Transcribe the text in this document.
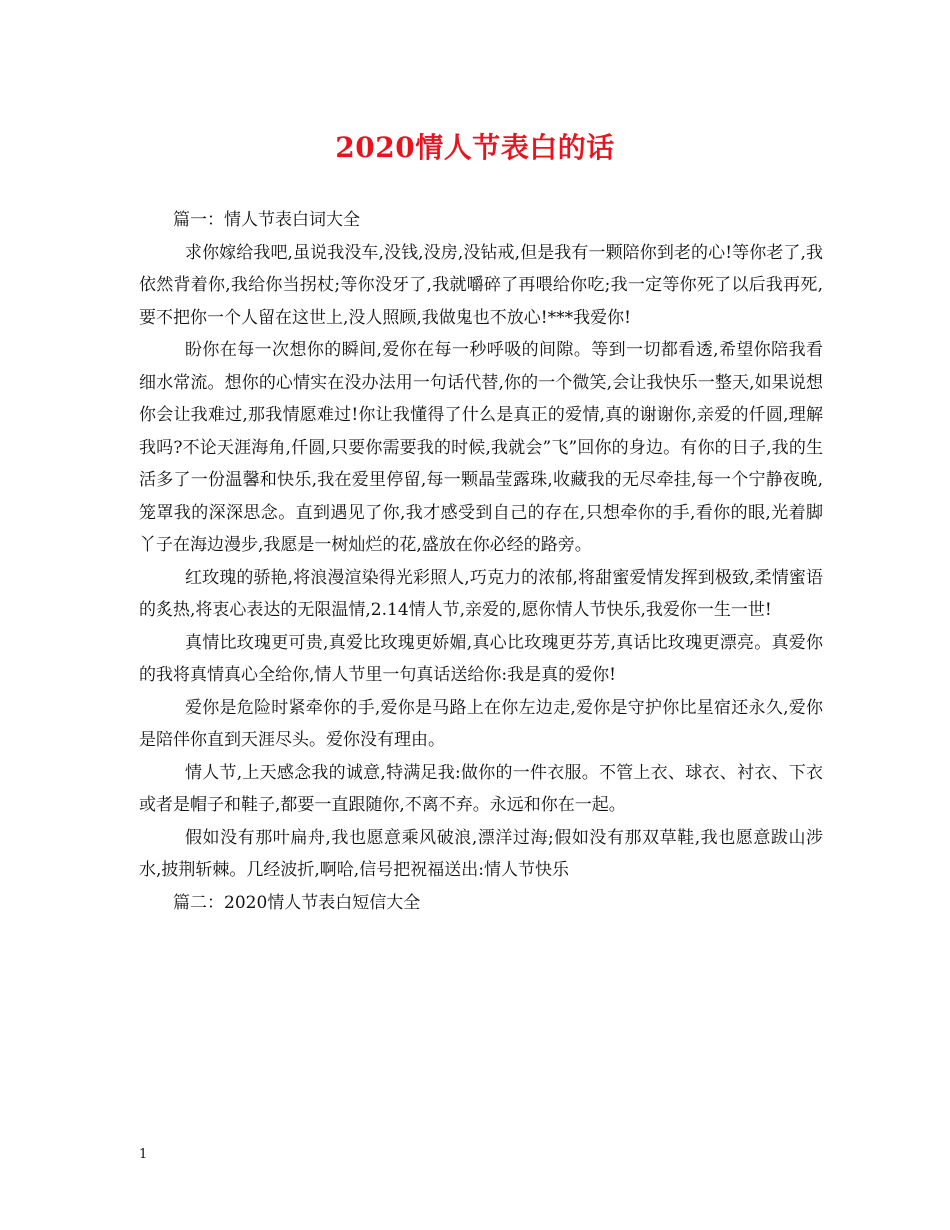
2020情人节表白的话

篇一：情人节表白词大全

求你嫁给我吧,虽说我没车,没钱,没房,没钻戒,但是我有一颗陪你到老的心!等你老了,我依然背着你,我给你当拐杖;等你没牙了,我就嚼碎了再喂给你吃;我一定等你死了以后我再死,要不把你一个人留在这世上,没人照顾,我做鬼也不放心!***我爱你!

盼你在每一次想你的瞬间,爱你在每一秒呼吸的间隙。等到一切都看透,希望你陪我看细水常流。想你的心情实在没办法用一句话代替,你的一个微笑,会让我快乐一整天,如果说想你会让我难过,那我情愿难过!你让我懂得了什么是真正的爱情,真的谢谢你,亲爱的仟圆,理解我吗?不论天涯海角,仟圆,只要你需要我的时候,我就会”飞”回你的身边。有你的日子,我的生活多了一份温馨和快乐,我在爱里停留,每一颗晶莹露珠,收藏我的无尽牵挂,每一个宁静夜晚,笼罩我的深深思念。直到遇见了你,我才感受到自己的存在,只想牵你的手,看你的眼,光着脚丫子在海边漫步,我愿是一树灿烂的花,盛放在你必经的路旁。

红玫瑰的骄艳,将浪漫渲染得光彩照人,巧克力的浓郁,将甜蜜爱情发挥到极致,柔情蜜语的炙热,将衷心表达的无限温情,2.14情人节,亲爱的,愿你情人节快乐,我爱你一生一世!

真情比玫瑰更可贵,真爱比玫瑰更娇媚,真心比玫瑰更芬芳,真话比玫瑰更漂亮。真爱你的我将真情真心全给你,情人节里一句真话送给你:我是真的爱你!

爱你是危险时紧牵你的手,爱你是马路上在你左边走,爱你是守护你比星宿还永久,爱你是陪伴你直到天涯尽头。爱你没有理由。

情人节,上天感念我的诚意,特满足我:做你的一件衣服。不管上衣、球衣、衬衣、下衣或者是帽子和鞋子,都要一直跟随你,不离不弃。永远和你在一起。

假如没有那叶扁舟,我也愿意乘风破浪,漂洋过海;假如没有那双草鞋,我也愿意跋山涉水,披荆斩棘。几经波折,啊哈,信号把祝福送出:情人节快乐

篇二：2020情人节表白短信大全

1
